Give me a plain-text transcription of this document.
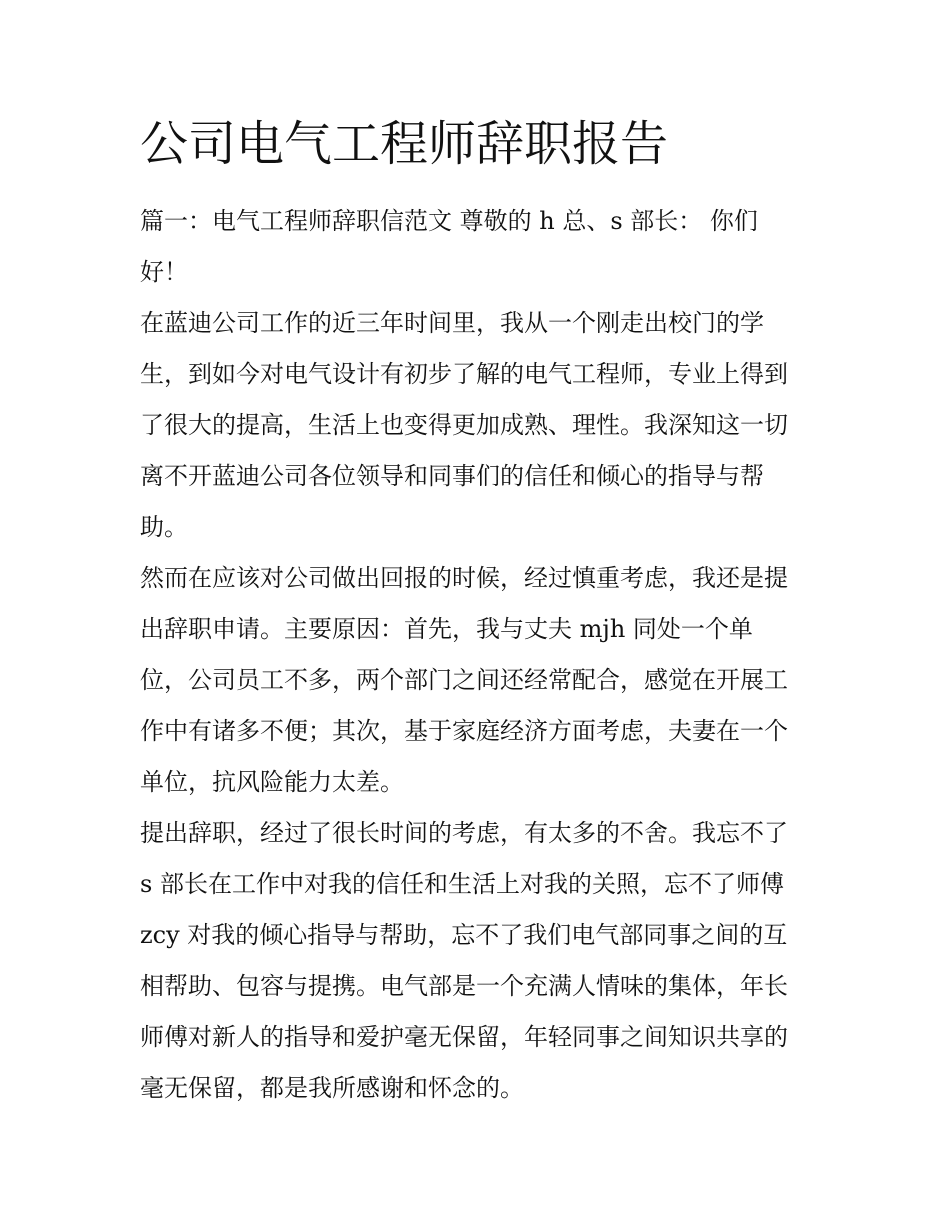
公司电气工程师辞职报告

篇一：电气工程师辞职信范文 尊敬的 h 总、s 部长： 你们
好！

在蓝迪公司工作的近三年时间里，我从一个刚走出校门的学
生，到如今对电气设计有初步了解的电气工程师，专业上得到
了很大的提高，生活上也变得更加成熟、理性。我深知这一切
离不开蓝迪公司各位领导和同事们的信任和倾心的指导与帮
助。

然而在应该对公司做出回报的时候，经过慎重考虑，我还是提
出辞职申请。主要原因：首先，我与丈夫 mjh 同处一个单
位，公司员工不多，两个部门之间还经常配合，感觉在开展工
作中有诸多不便；其次，基于家庭经济方面考虑，夫妻在一个
单位，抗风险能力太差。

提出辞职，经过了很长时间的考虑，有太多的不舍。我忘不了
s 部长在工作中对我的信任和生活上对我的关照，忘不了师傅
zcy 对我的倾心指导与帮助，忘不了我们电气部同事之间的互
相帮助、包容与提携。电气部是一个充满人情味的集体，年长
师傅对新人的指导和爱护毫无保留，年轻同事之间知识共享的
毫无保留，都是我所感谢和怀念的。
